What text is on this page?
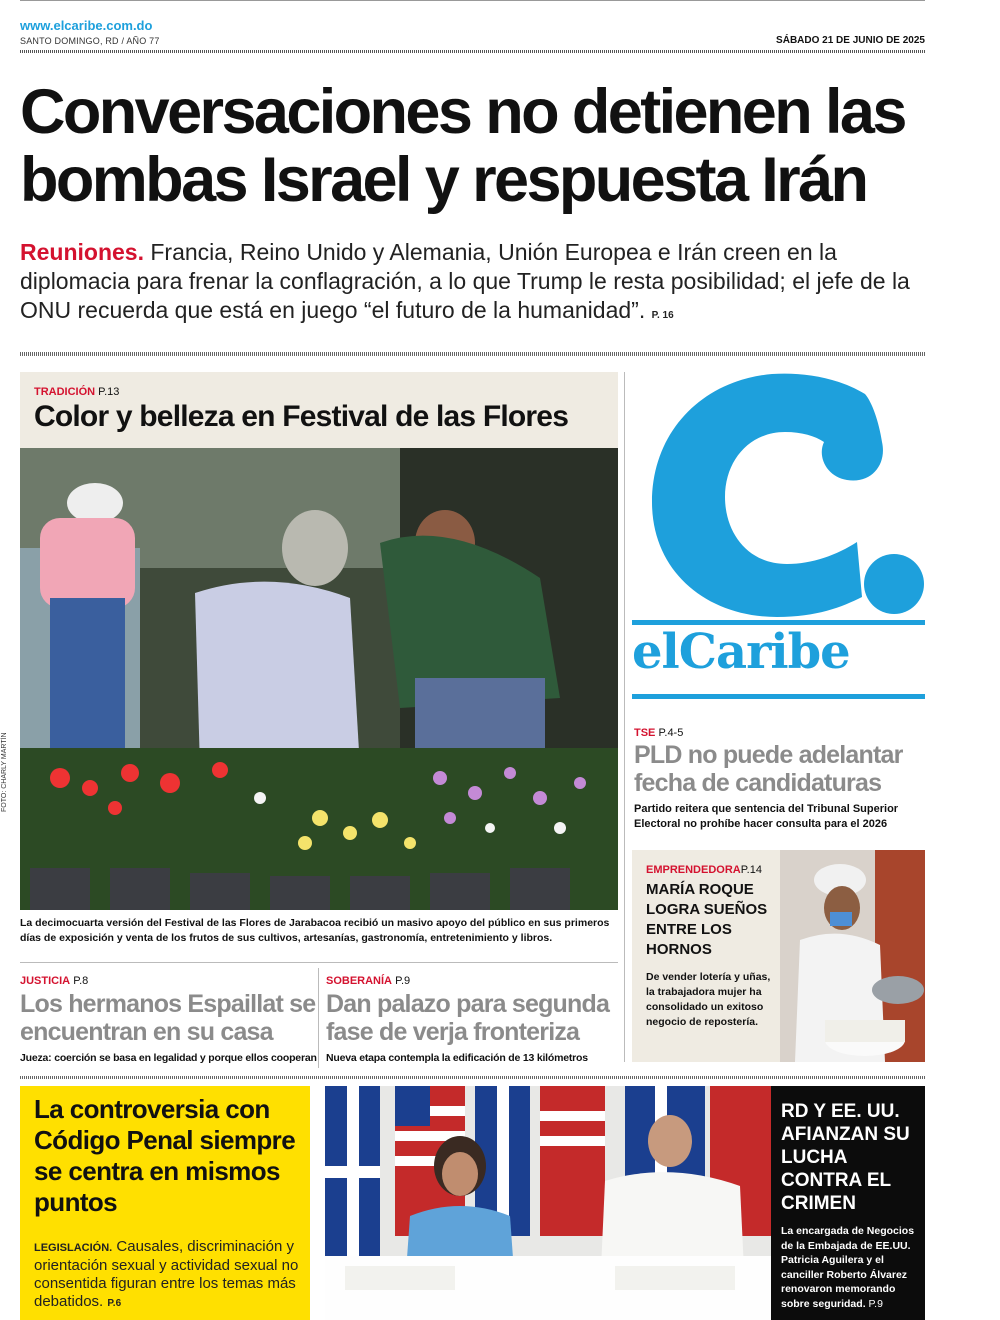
www.elcaribe.com.do
SANTO DOMINGO, RD / AÑO 77	SÁBADO 21 DE JUNIO DE 2025
Conversaciones no detienen las bombas Israel y respuesta Irán

Reuniones. Francia, Reino Unido y Alemania, Unión Europea e Irán creen en la diplomacia para frenar la conflagración, a lo que Trump le resta posibilidad; el jefe de la ONU recuerda que está en juego “el futuro de la humanidad”. P. 16

TRADICIÓN P.13
Color y belleza en Festival de las Flores
FOTO: CHARLY MARTÍN

La decimocuarta versión del Festival de las Flores de Jarabacoa recibió un masivo apoyo del público en sus primeros días de exposición y venta de los frutos de sus cultivos, artesanías, gastronomía, entretenimiento y libros.

JUSTICIA P.8
Los hermanos Espaillat se encuentran en su casa

Jueza: coerción se basa en legalidad y porque ellos cooperan

SOBERANÍA P.9
Dan palazo para segunda fase de verja fronteriza

Nueva etapa contempla la edificación de 13 kilómetros

elCaribe
TSE P.4-5
PLD no puede adelantar fecha de candidaturas

Partido reitera que sentencia del Tribunal Superior Electoral no prohíbe hacer consulta para el 2026

EMPRENDEDORAP.14
MARÍA ROQUE LOGRA SUEÑOS ENTRE LOS HORNOS

De vender lotería y uñas, la trabajadora mujer ha consolidado un exitoso negocio de repostería.

La controversia con Código Penal siempre se centra en mismos puntos

LEGISLACIÓN. Causales, discriminación y orientación sexual y actividad sexual no consentida figuran entre los temas más debatidos. P.6

RD Y EE. UU. AFIANZAN SU LUCHA CONTRA EL CRIMEN

La encargada de Negocios de la Embajada de EE.UU. Patricia Aguilera y el canciller Roberto Álvarez renovaron memorando sobre seguridad. P.9
